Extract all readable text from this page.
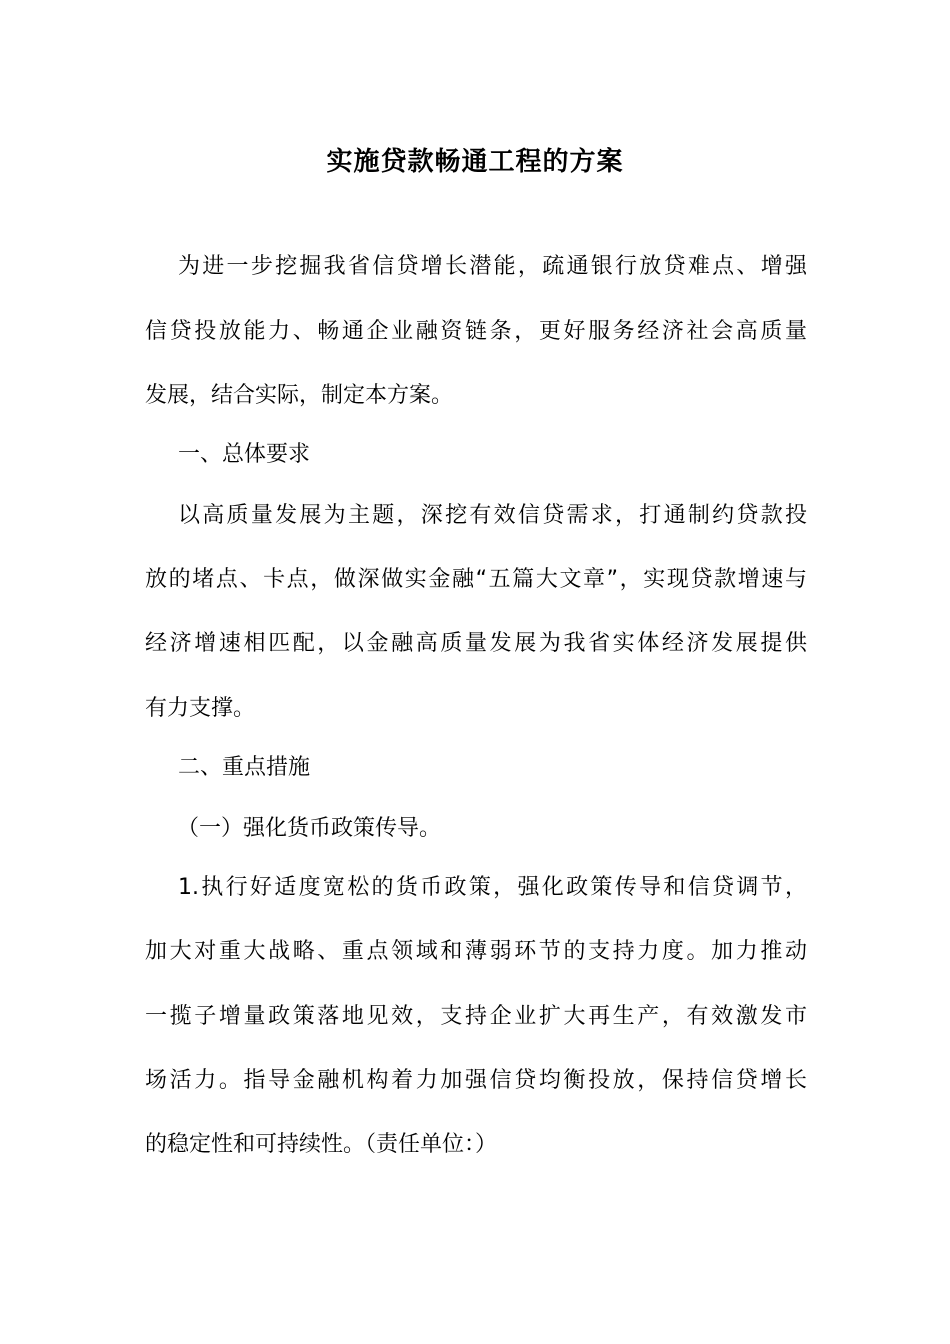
实施贷款畅通工程的方案
为进一步挖掘我省信贷增长潜能，疏通银行放贷难点、增强
信贷投放能力、畅通企业融资链条，更好服务经济社会高质量
发展，结合实际，制定本方案。
一、总体要求
以高质量发展为主题，深挖有效信贷需求，打通制约贷款投
放的堵点、卡点，做深做实金融“五篇大文章”，实现贷款增速与
经济增速相匹配，以金融高质量发展为我省实体经济发展提供
有力支撑。
二、重点措施
（一）强化货币政策传导。
1.执行好适度宽松的货币政策，强化政策传导和信贷调节，
加大对重大战略、重点领域和薄弱环节的支持力度。加力推动
一揽子增量政策落地见效，支持企业扩大再生产，有效激发市
场活力。指导金融机构着力加强信贷均衡投放，保持信贷增长
的稳定性和可持续性。（责任单位：）
